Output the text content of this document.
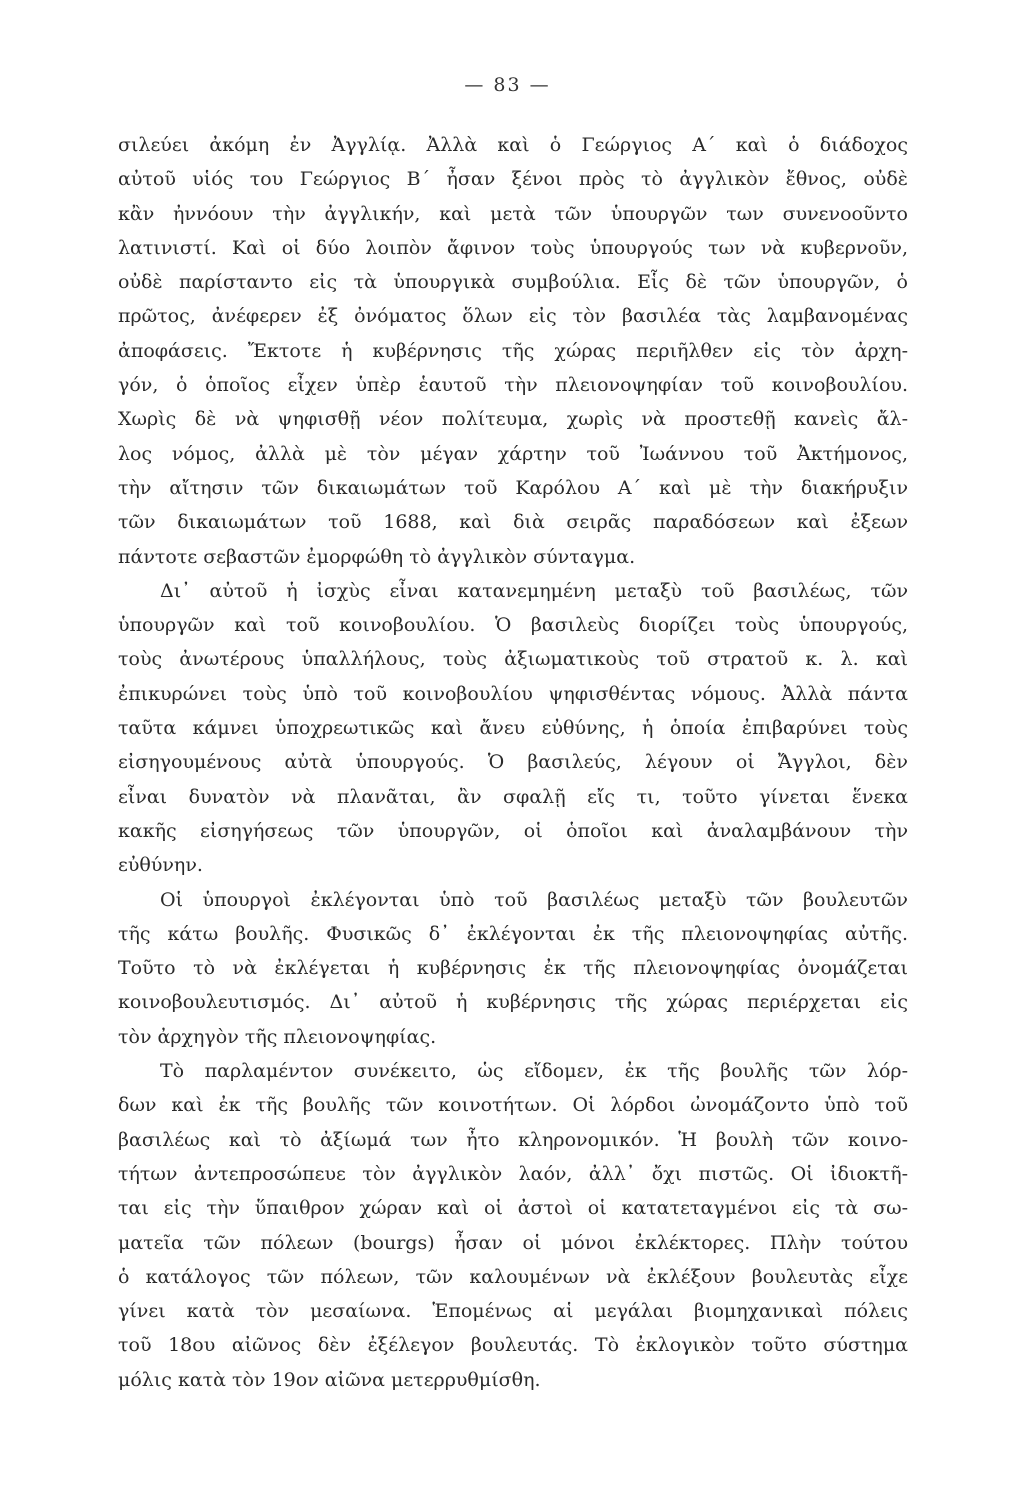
— 83 —
σιλεύει ἀκόμη ἐν Ἀγγλίᾳ. Ἀλλὰ καὶ ὁ Γεώργιος Α΄ καὶ ὁ διάδοχος
αὐτοῦ υἱός του Γεώργιος Β΄ ἦσαν ξένοι πρὸς τὸ ἀγγλικὸν ἔθνος, οὐδὲ
κἂν ἠννόουν τὴν ἀγγλικήν, καὶ μετὰ τῶν ὑπουργῶν των συνενοοῦντο
λατινιστί. Καὶ οἱ δύο λοιπὸν ἄφινον τοὺς ὑπουργούς των νὰ κυβερνοῦν,
οὐδὲ παρίσταντο εἰς τὰ ὑπουργικὰ συμβούλια. Εἷς δὲ τῶν ὑπουργῶν, ὁ
πρῶτος, ἀνέφερεν ἐξ ὀνόματος ὅλων εἰς τὸν βασιλέα τὰς λαμβανομένας
ἀποφάσεις. Ἔκτοτε ἡ κυβέρνησις τῆς χώρας περιῆλθεν εἰς τὸν ἀρχη-
γόν, ὁ ὁποῖος εἶχεν ὑπὲρ ἑαυτοῦ τὴν πλειονοψηφίαν τοῦ κοινοβουλίου.
Χωρὶς δὲ νὰ ψηφισθῇ νέον πολίτευμα, χωρὶς νὰ προστεθῇ κανεὶς ἄλ-
λος νόμος, ἀλλὰ μὲ τὸν μέγαν χάρτην τοῦ Ἰωάννου τοῦ Ἀκτήμονος,
τὴν αἴτησιν τῶν δικαιωμάτων τοῦ Καρόλου Α΄ καὶ μὲ τὴν διακήρυξιν
τῶν δικαιωμάτων τοῦ 1688, καὶ διὰ σειρᾶς παραδόσεων καὶ ἐξεων
πάντοτε σεβαστῶν ἐμορφώθη τὸ ἀγγλικὸν σύνταγμα.
Δι᾽ αὐτοῦ ἡ ἰσχὺς εἶναι κατανεμημένη μεταξὺ τοῦ βασιλέως, τῶν
ὑπουργῶν καὶ τοῦ κοινοβουλίου. Ὁ βασιλεὺς διορίζει τοὺς ὑπουργούς,
τοὺς ἀνωτέρους ὑπαλλήλους, τοὺς ἀξιωματικοὺς τοῦ στρατοῦ κ. λ. καὶ
ἐπικυρώνει τοὺς ὑπὸ τοῦ κοινοβουλίου ψηφισθέντας νόμους. Ἀλλὰ πάντα
ταῦτα κάμνει ὑποχρεωτικῶς καὶ ἄνευ εὐθύνης, ἡ ὁποία ἐπιβαρύνει τοὺς
εἰσηγουμένους αὐτὰ ὑπουργούς. Ὁ βασιλεύς, λέγουν οἱ Ἄγγλοι, δὲν
εἶναι δυνατὸν νὰ πλανᾶται, ἂν σφαλῇ εἴς τι, τοῦτο γίνεται ἕνεκα
κακῆς εἰσηγήσεως τῶν ὑπουργῶν, οἱ ὁποῖοι καὶ ἀναλαμβάνουν τὴν
εὐθύνην.
Οἱ ὑπουργοὶ ἐκλέγονται ὑπὸ τοῦ βασιλέως μεταξὺ τῶν βουλευτῶν
τῆς κάτω βουλῆς. Φυσικῶς δ᾽ ἐκλέγονται ἐκ τῆς πλειονοψηφίας αὐτῆς.
Τοῦτο τὸ νὰ ἐκλέγεται ἡ κυβέρνησις ἐκ τῆς πλειονοψηφίας ὀνομάζεται
κοινοβουλευτισμός. Δι᾽ αὐτοῦ ἡ κυβέρνησις τῆς χώρας περιέρχεται εἰς
τὸν ἀρχηγὸν τῆς πλειονοψηφίας.
Τὸ παρλαμέντον συνέκειτο, ὡς εἴδομεν, ἐκ τῆς βουλῆς τῶν λόρ-
δων καὶ ἐκ τῆς βουλῆς τῶν κοινοτήτων. Οἱ λόρδοι ὠνομάζοντο ὑπὸ τοῦ
βασιλέως καὶ τὸ ἀξίωμά των ἦτο κληρονομικόν. Ἡ βουλὴ τῶν κοινο-
τήτων ἀντεπροσώπευε τὸν ἀγγλικὸν λαόν, ἀλλ᾽ ὄχι πιστῶς. Οἱ ἰδιοκτῆ-
ται εἰς τὴν ὕπαιθρον χώραν καὶ οἱ ἀστοὶ οἱ κατατεταγμένοι εἰς τὰ σω-
ματεῖα τῶν πόλεων (bourgs) ἦσαν οἱ μόνοι ἐκλέκτορες. Πλὴν τούτου
ὁ κατάλογος τῶν πόλεων, τῶν καλουμένων νὰ ἐκλέξουν βουλευτὰς εἶχε
γίνει κατὰ τὸν μεσαίωνα. Ἑπομένως αἱ μεγάλαι βιομηχανικαὶ πόλεις
τοῦ 18ου αἰῶνος δὲν ἐξέλεγον βουλευτάς. Τὸ ἐκλογικὸν τοῦτο σύστημα
μόλις κατὰ τὸν 19ον αἰῶνα μετερρυθμίσθη.
